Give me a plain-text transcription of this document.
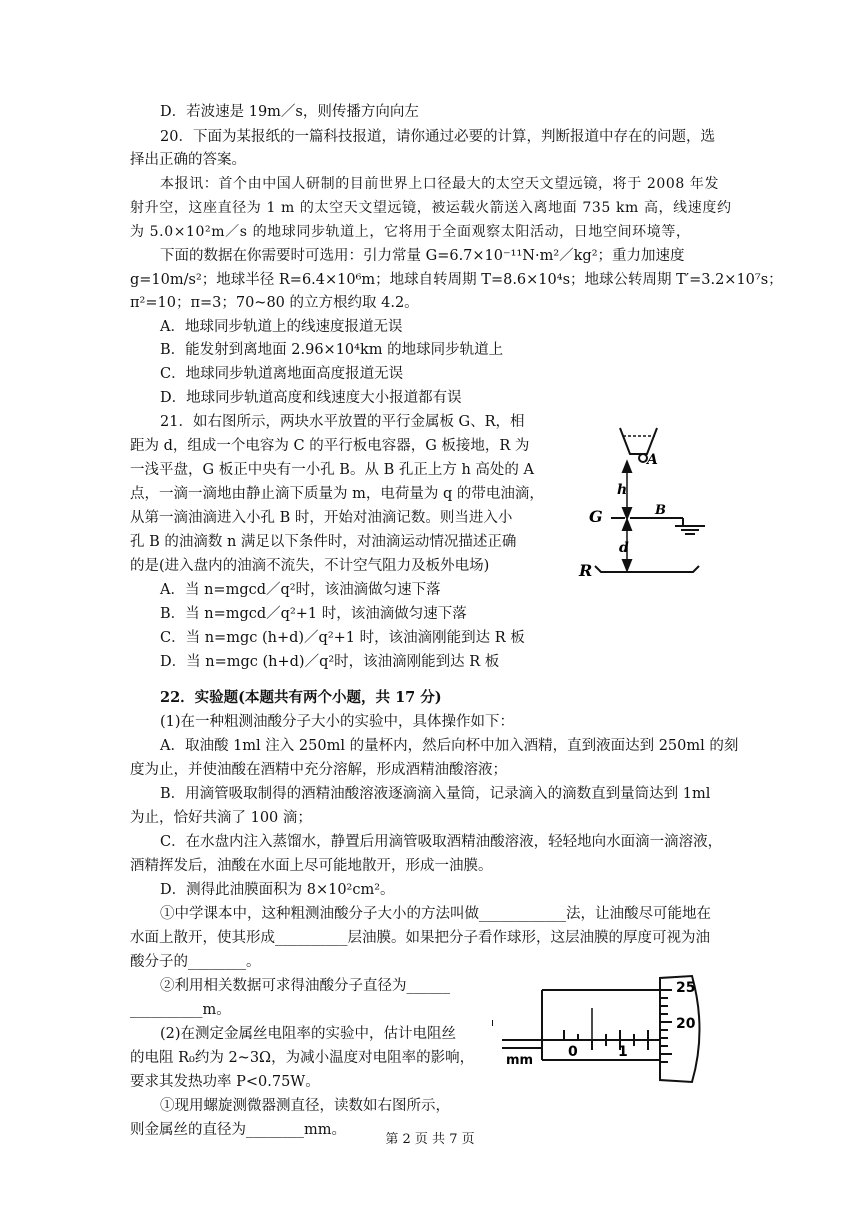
D．若波速是 19m／s，则传播方向向左
20．下面为某报纸的一篇科技报道，请你通过必要的计算，判断报道中存在的问题，选
择出正确的答案。
本报讯：首个由中国人研制的目前世界上口径最大的太空天文望远镜，将于 2008 年发
射升空，这座直径为 1 m 的太空天文望远镜，被运载火箭送入离地面 735 km 高，线速度约
为 5.0×10²m／s 的地球同步轨道上，它将用于全面观察太阳活动，日地空间环境等，
下面的数据在你需要时可选用：引力常量 G=6.7×10⁻¹¹N·m²／kg²；重力加速度
g=10m/s²；地球半径 R=6.4×10⁶m；地球自转周期 T=8.6×10⁴s；地球公转周期 T′=3.2×10⁷s；
π²=10；π=3；70~80 的立方根约取 4.2。
A．地球同步轨道上的线速度报道无误
B．能发射到离地面 2.96×10⁴km 的地球同步轨道上
C．地球同步轨道离地面高度报道无误
D．地球同步轨道高度和线速度大小报道都有误
21．如右图所示，两块水平放置的平行金属板 G、R，相
距为 d，组成一个电容为 C 的平行板电容器，G 板接地，R 为
一浅平盘，G 板正中央有一小孔 B。从 B 孔正上方 h 高处的 A
点，一滴一滴地由静止滴下质量为 m，电荷量为 q 的带电油滴，
从第一滴油滴进入小孔 B 时，开始对油滴记数。则当进入小
孔 B 的油滴数 n 满足以下条件时，对油滴运动情况描述正确
的是(进入盘内的油滴不流失，不计空气阻力及板外电场)
A．当 n=mgcd／q²时，该油滴做匀速下落
B．当 n=mgcd／q²+1 时，该油滴做匀速下落
C．当 n=mgc (h+d)／q²+1 时，该油滴刚能到达 R 板
D．当 n=mgc (h+d)／q²时，该油滴刚能到达 R 板
22．实验题(本题共有两个小题，共 17 分)
(1)在一种粗测油酸分子大小的实验中，具体操作如下：
A．取油酸 1ml 注入 250ml 的量杯内，然后向杯中加入酒精，直到液面达到 250ml 的刻
度为止，并使油酸在酒精中充分溶解，形成酒精油酸溶液；
B．用滴管吸取制得的酒精油酸溶液逐滴滴入量筒，记录滴入的滴数直到量筒达到 1ml
为止，恰好共滴了 100 滴；
C．在水盘内注入蒸馏水，静置后用滴管吸取酒精油酸溶液，轻轻地向水面滴一滴溶液，
酒精挥发后，油酸在水面上尽可能地散开，形成一油膜。
D．测得此油膜面积为 8×10²cm²。
①中学课本中，这种粗测油酸分子大小的方法叫做____________法，让油酸尽可能地在
水面上散开，使其形成__________层油膜。如果把分子看作球形，这层油膜的厚度可视为油
酸分子的________。
②利用相关数据可求得油酸分子直径为______
__________m。
(2)在测定金属丝电阻率的实验中，估计电阻丝
的电阻 R₀约为 2~3Ω，为减小温度对电阻率的影响，
要求其发热功率 P<0.75W。
①现用螺旋测微器测直径，读数如右图所示，
则金属丝的直径为________mm。
A
h
G	B
d
R
25
20
0	1
mm
第 2 页 共 7 页
